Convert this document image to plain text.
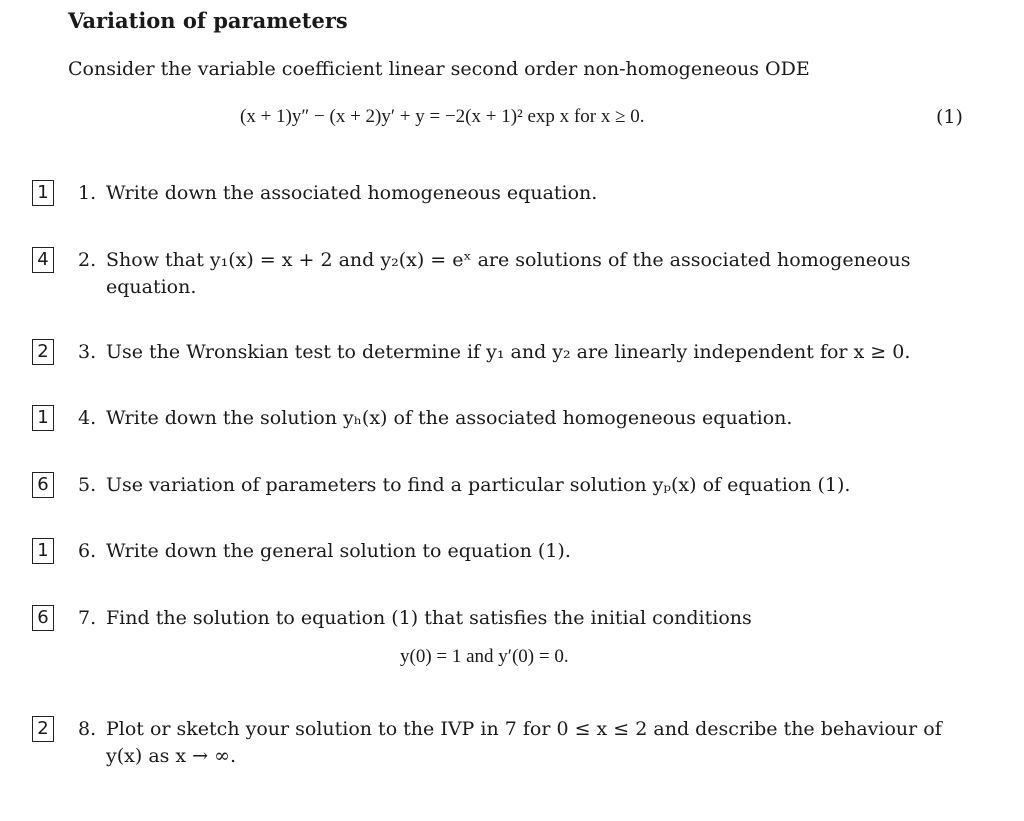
Variation of parameters
Consider the variable coefficient linear second order non-homogeneous ODE
(x + 1)y″ − (x + 2)y′ + y = −2(x + 1)² exp x for x ≥ 0.	(1)
1 1. Write down the associated homogeneous equation.
4 2. Show that y₁(x) = x + 2 and y₂(x) = eˣ are solutions of the associated homogeneous
equation.
2 3. Use the Wronskian test to determine if y₁ and y₂ are linearly independent for x ≥ 0.
1 4. Write down the solution yₕ(x) of the associated homogeneous equation.
6 5. Use variation of parameters to find a particular solution yₚ(x) of equation (1).
1 6. Write down the general solution to equation (1).
6 7. Find the solution to equation (1) that satisfies the initial conditions
y(0) = 1 and y′(0) = 0.
2 8. Plot or sketch your solution to the IVP in 7 for 0 ≤ x ≤ 2 and describe the behaviour of
y(x) as x → ∞.
